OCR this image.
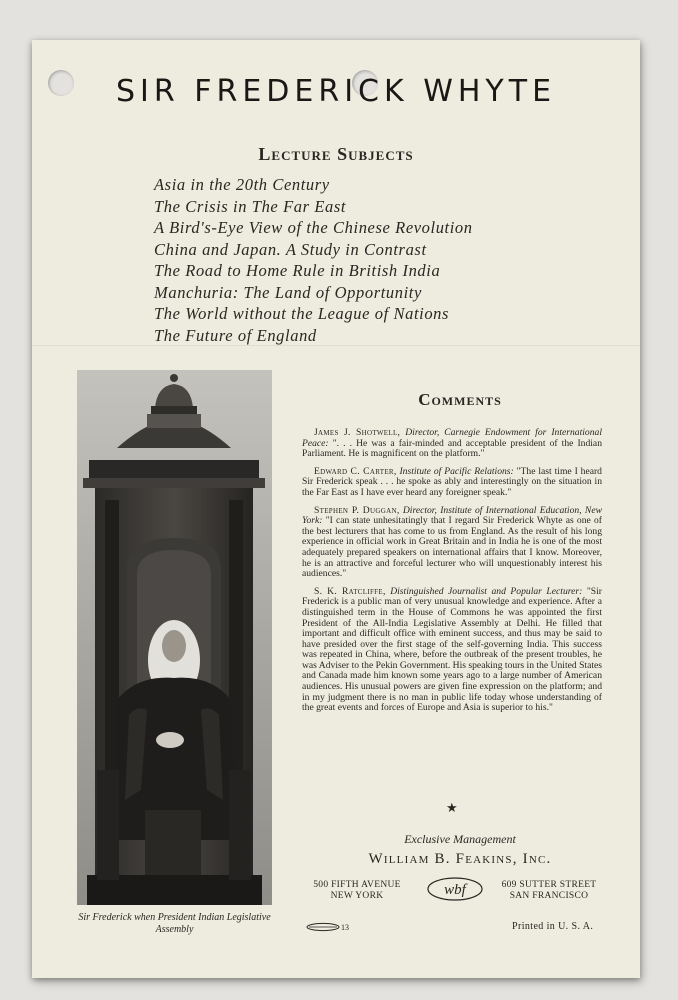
SIR FREDERICK WHYTE
Lecture Subjects
Asia in the 20th Century
The Crisis in The Far East
A Bird's-Eye View of the Chinese Revolution
China and Japan. A Study in Contrast
The Road to Home Rule in British India
Manchuria: The Land of Opportunity
The World without the League of Nations
The Future of England
Sir Frederick when President Indian Legislative Assembly
Comments

James J. Shotwell, Director, Carnegie Endowment for International Peace: ". . . He was a fair-minded and acceptable president of the Indian Parliament. He is magnificent on the platform."

Edward C. Carter, Institute of Pacific Relations: "The last time I heard Sir Frederick speak . . . he spoke as ably and interestingly on the situation in the Far East as I have ever heard any foreigner speak."

Stephen P. Duggan, Director, Institute of International Education, New York: "I can state unhesitatingly that I regard Sir Frederick Whyte as one of the best lecturers that has come to us from England. As the result of his long experience in official work in Great Britain and in India he is one of the most adequately prepared speakers on international affairs that I know. Moreover, he is an attractive and forceful lecturer who will unquestionably interest his audiences."

S. K. Ratcliffe, Distinguished Journalist and Popular Lecturer: "Sir Frederick is a public man of very unusual knowledge and experience. After a distinguished term in the House of Commons he was appointed the first President of the All-India Legislative Assembly at Delhi. He filled that important and difficult office with eminent success, and thus may be said to have presided over the first stage of the self-governing India. This success was repeated in China, where, before the outbreak of the present troubles, he was Adviser to the Pekin Government. His speaking tours in the United States and Canada made him known some years ago to a large number of American audiences. His unusual powers are given fine expression on the platform; and in my judgment there is no man in public life today whose understanding of the great events and forces of Europe and Asia is superior to his."

★
Exclusive Management
William B. Feakins, Inc.
500 FIFTH AVENUE
NEW YORK	wbf	609 SUTTER STREET
SAN FRANCISCO
13	Printed in U. S. A.
